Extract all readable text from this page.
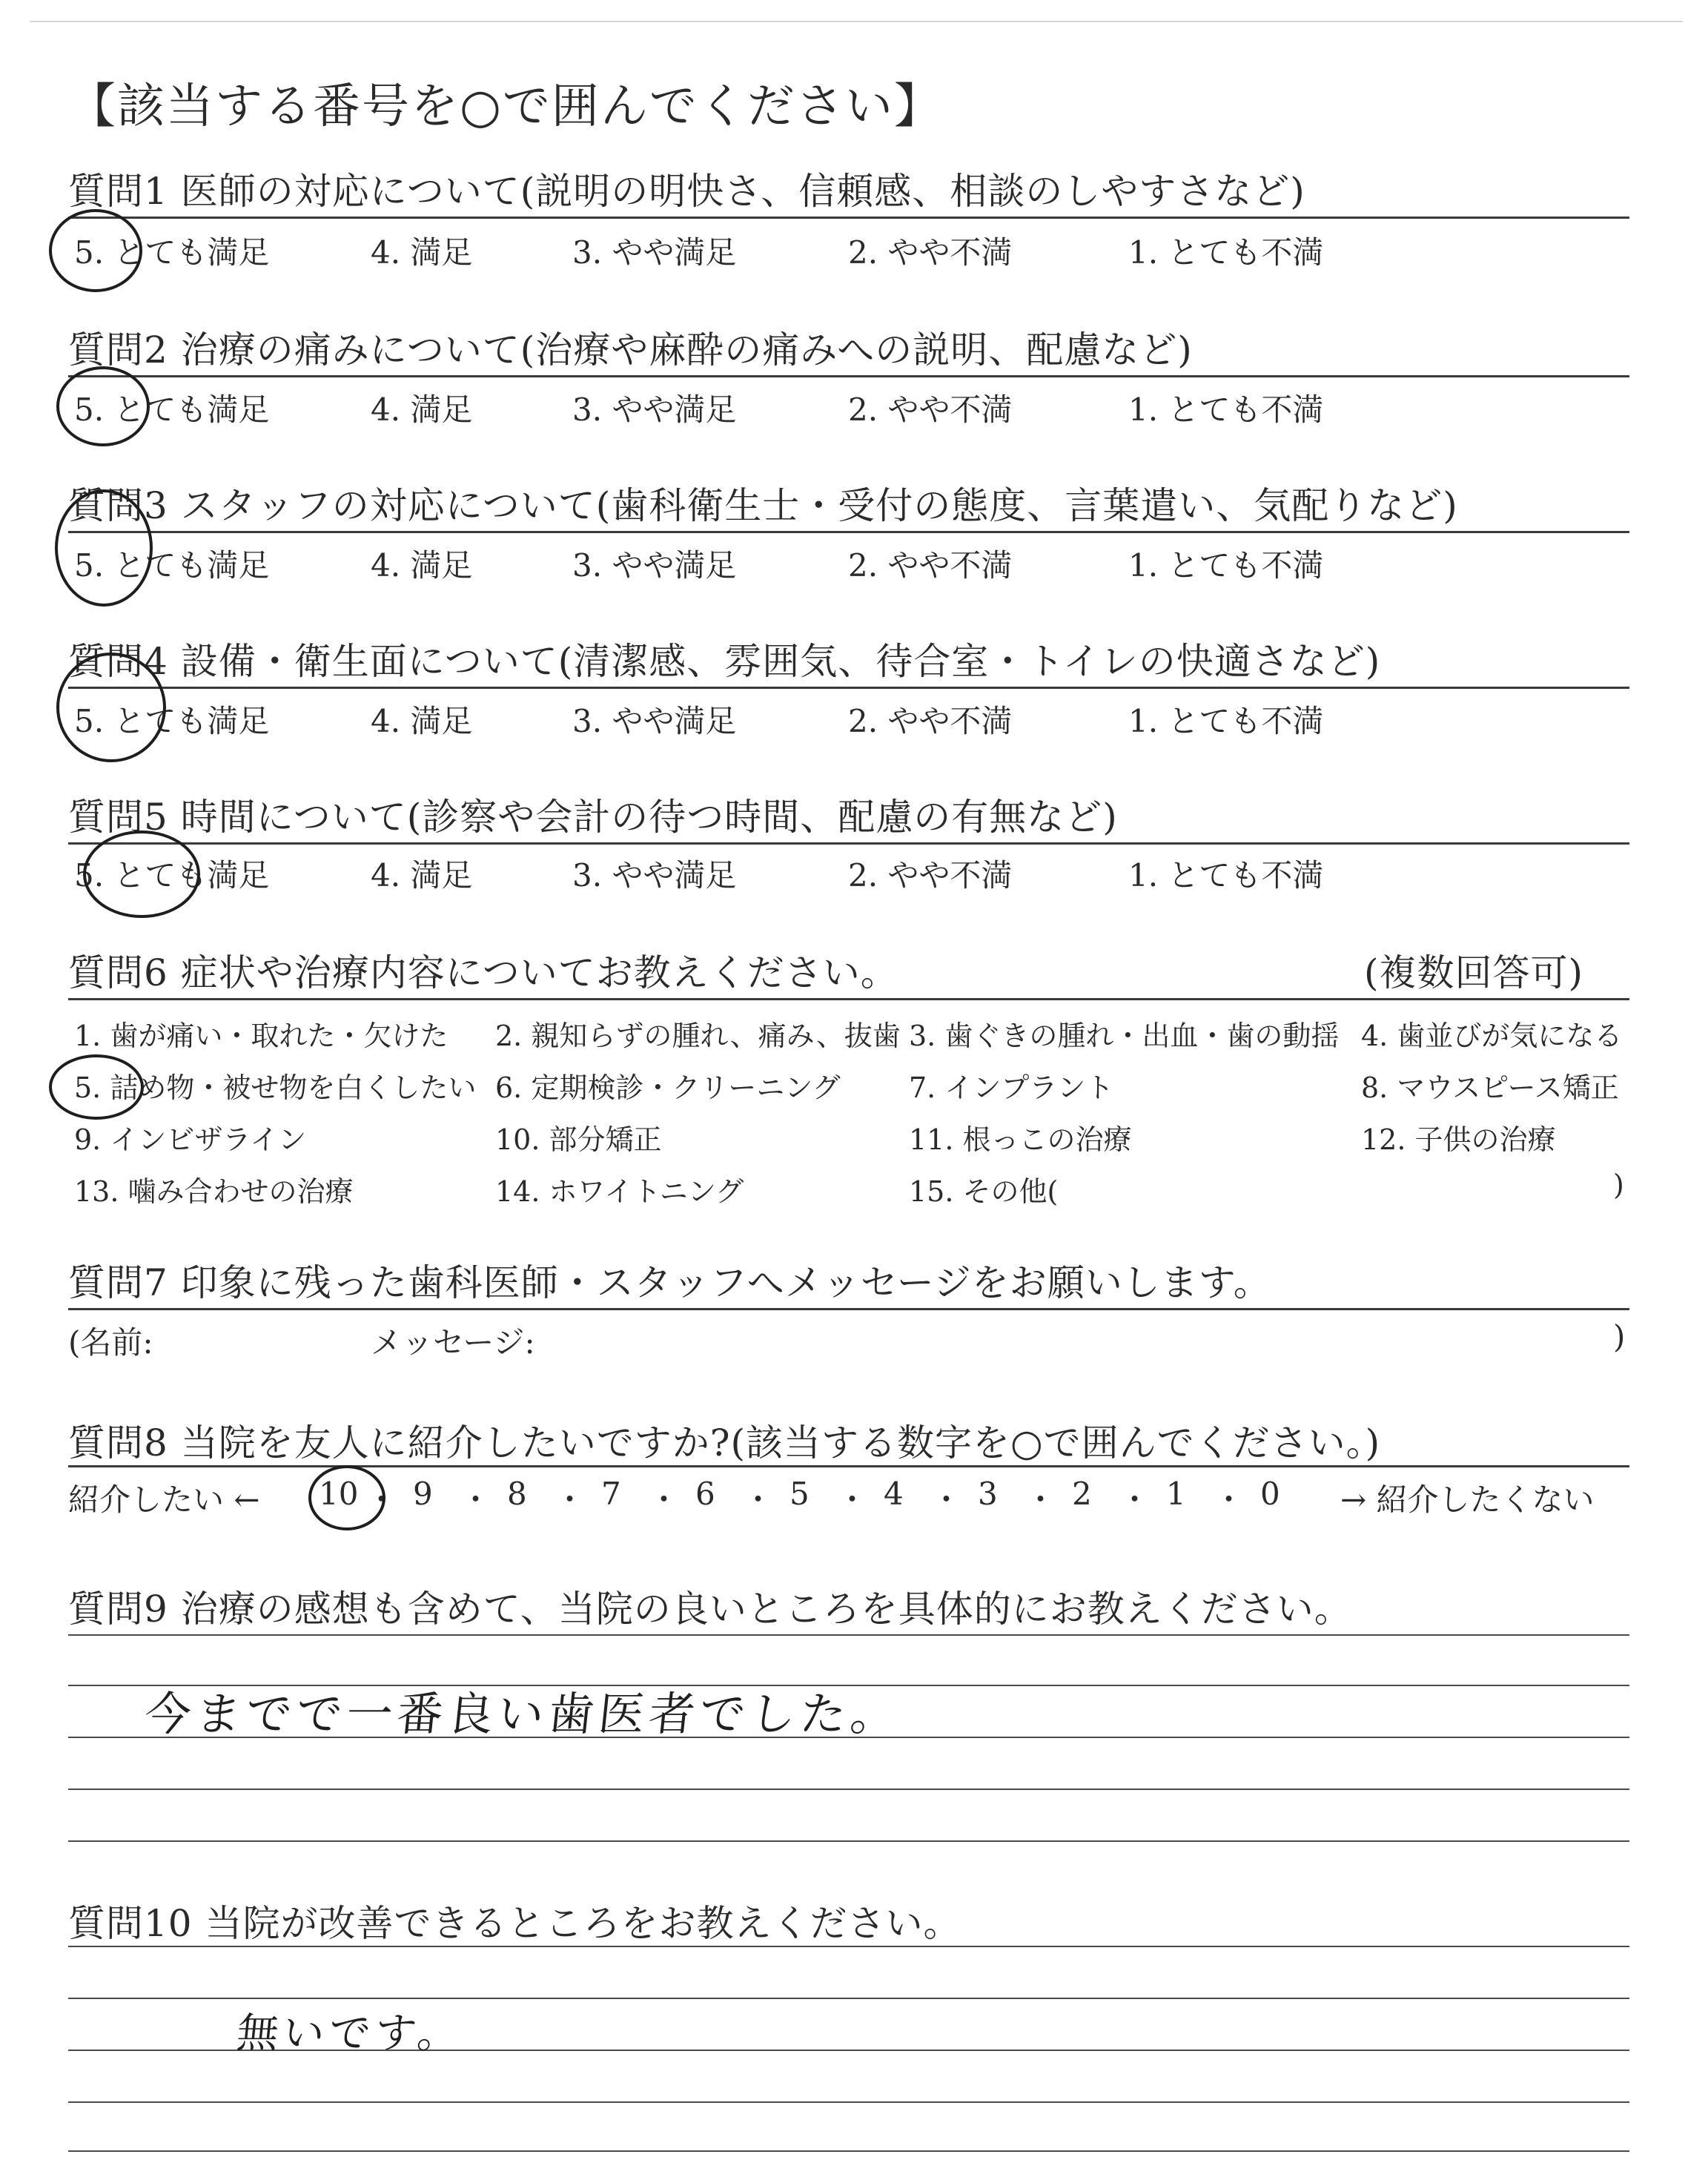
【該当する番号を○で囲んでください】
質問1 医師の対応について(説明の明快さ、信頼感、相談のしやすさなど)
5. とても満足	4. 満足	3. やや満足	2. やや不満	1. とても不満
質問2 治療の痛みについて(治療や麻酔の痛みへの説明、配慮など)
5. とても満足	4. 満足	3. やや満足	2. やや不満	1. とても不満
質問3 スタッフの対応について(歯科衛生士・受付の態度、言葉遣い、気配りなど)
5. とても満足	4. 満足	3. やや満足	2. やや不満	1. とても不満
質問4 設備・衛生面について(清潔感、雰囲気、待合室・トイレの快適さなど)
5. とても満足	4. 満足	3. やや満足	2. やや不満	1. とても不満
質問5 時間について(診察や会計の待つ時間、配慮の有無など)
5. とても満足	4. 満足	3. やや満足	2. やや不満	1. とても不満
質問6 症状や治療内容についてお教えください。	(複数回答可)
1. 歯が痛い・取れた・欠けた 2. 親知らずの腫れ、痛み、抜歯 3. 歯ぐきの腫れ・出血・歯の動揺 4. 歯並びが気になる
5. 詰め物・被せ物を白くしたい 6. 定期検診・クリーニング 7. インプラント	8. マウスピース矯正
9. インビザライン	10. 部分矯正	11. 根っこの治療	12. 子供の治療
13. 噛み合わせの治療	14. ホワイトニング	15. その他(	)
質問7 印象に残った歯科医師・スタッフへメッセージをお願いします。
(名前:	メッセージ:	)
質問8 当院を友人に紹介したいですか?(該当する数字を○で囲んでください。)
紹介したい ←	→ 紹介したくない
10 ・ 9 ・ 8 ・ 7 ・ 6 ・ 5 ・ 4 ・ 3 ・ 2 ・ 1 ・ 0
質問9 治療の感想も含めて、当院の良いところを具体的にお教えください。
今までで一番良い歯医者でした。
質問10 当院が改善できるところをお教えください。
無いです。
